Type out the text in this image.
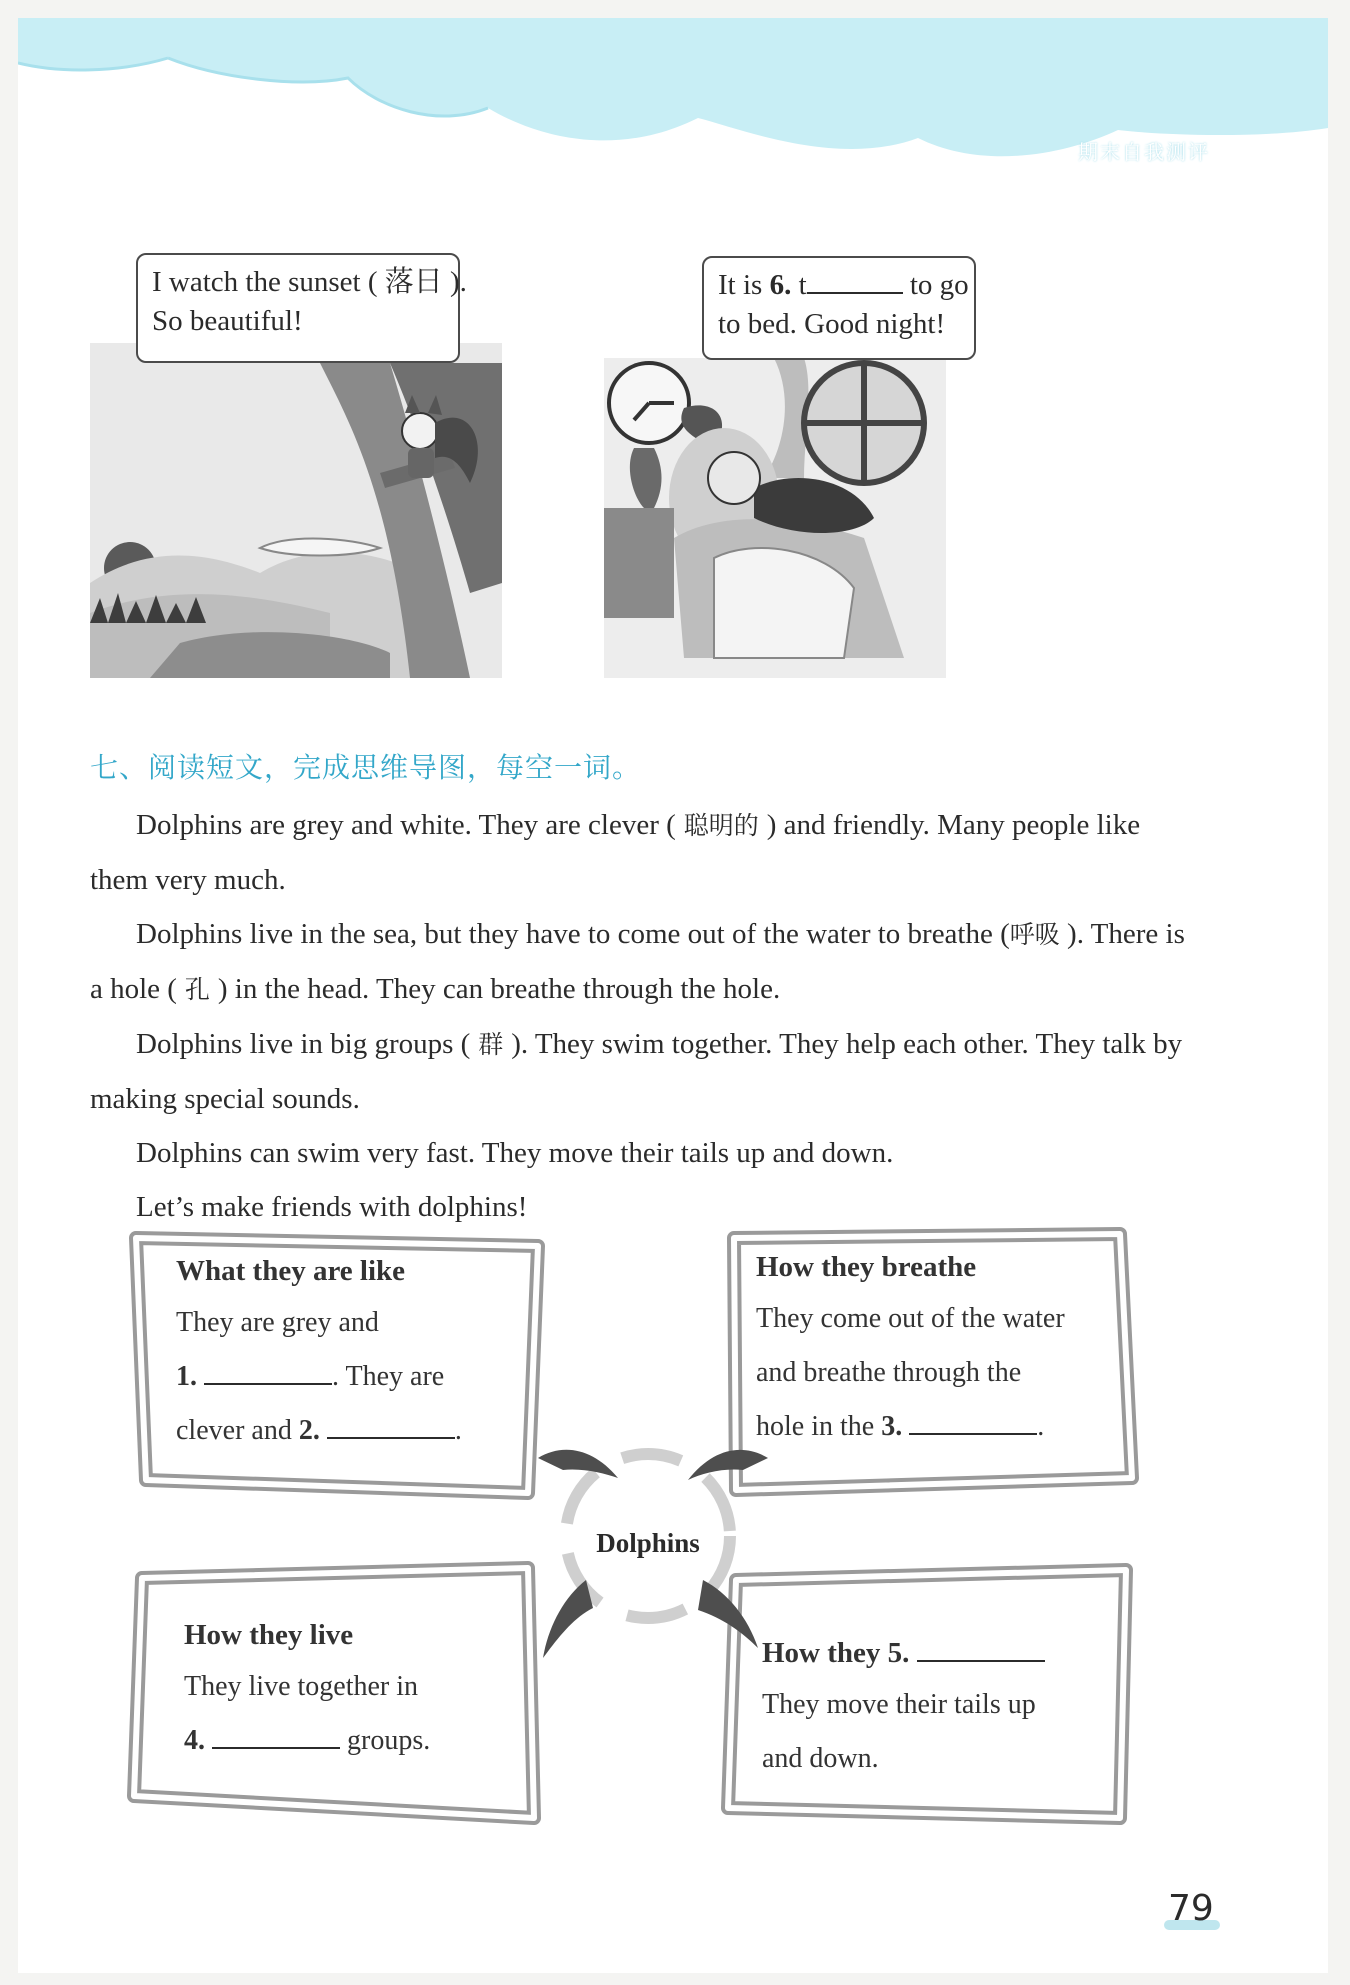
期末自我测评
I watch the sunset ( 落日 ).
So beautiful!
It is 6. t	to go
to bed. Good night!
七、阅读短文，完成思维导图，每空一词。

Dolphins are grey and white. They are clever ( 聪明的 ) and friendly. Many people like them very much.

Dolphins live in the sea, but they have to come out of the water to breathe (呼吸 ). There is a hole ( 孔 ) in the head. They can breathe through the hole.

Dolphins live in big groups ( 群 ). They swim together. They help each other. They talk by making special sounds.

Dolphins can swim very fast. They move their tails up and down.

Let’s make friends with dolphins!

What they are like

They are grey and

1.	. They are

clever and 2.	.

How they breathe

They come out of the water

and breathe through the

hole in the 3.	.

Dolphins
How they live

They live together in

4.	groups.

How they 5.

They move their tails up

and down.

79
